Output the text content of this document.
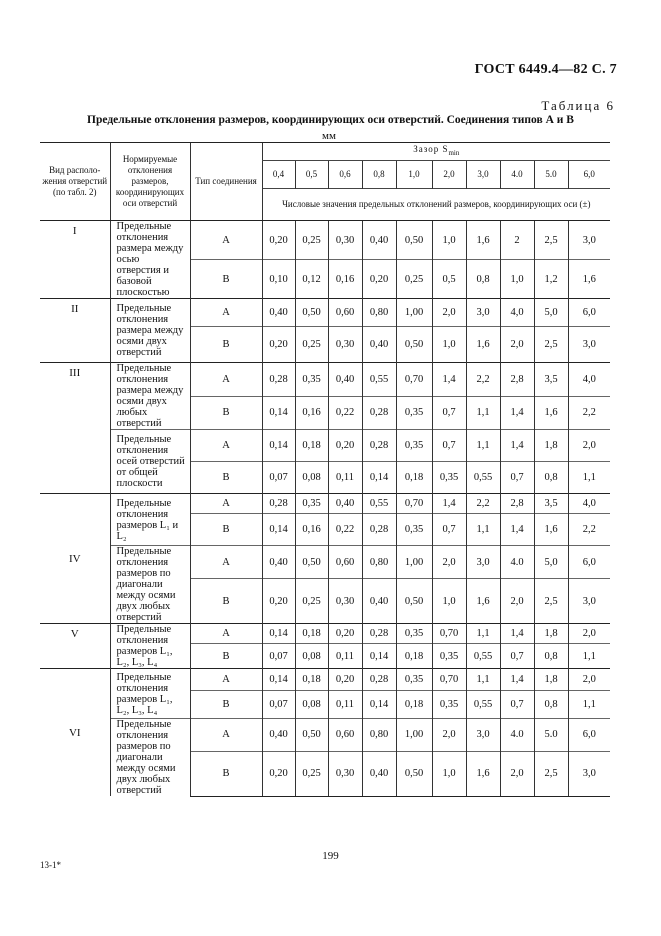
ГОСТ 6449.4—82 С. 7
Таблица 6
Предельные отклонения размеров, координирующих оси отверстий. Соединения типов А и В
мм
Вид располо-жения отверстий (по табл. 2)	Нормируемые отклонения размеров, координирующих оси отверстий	Тип соединения	Зазор $S_{min}$
			0,4	0,5	0,6	0,8	1,0	2,0	3,0	4.0	5.0	6,0
			Числовые значения предельных отклонений размеров, координирующих оси (±)									
I	Предельные отклонения размера между осью отверстия и базовой плоскостью	А	0,20	0,25	0,30	0,40	0,50	1,0	1,6	2	2,5	3,0
		В	0,10	0,12	0,16	0,20	0,25	0,5	0,8	1,0	1,2	1,6
II	Предельные отклонения размера между осями двух отверстий	А	0,40	0,50	0,60	0,80	1,00	2,0	3,0	4,0	5,0	6,0
		В	0,20	0,25	0,30	0,40	0,50	1,0	1,6	2,0	2,5	3,0
III	Предельные отклонения размера между осями двух любых отверстий	А	0,28	0,35	0,40	0,55	0,70	1,4	2,2	2,8	3,5	4,0
		В	0,14	0,16	0,22	0,28	0,35	0,7	1,1	1,4	1,6	2,2
	Предельные отклонения осей отверстий от общей плоскости	А	0,14	0,18	0,20	0,28	0,35	0,7	1,1	1,4	1,8	2,0
		В	0,07	0,08	0,11	0,14	0,18	0,35	0,55	0,7	0,8	1,1
IV	Предельные отклонения размеров L₁ и L₂	А	0,28	0,35	0,40	0,55	0,70	1,4	2,2	2,8	3,5	4,0
		В	0,14	0,16	0,22	0,28	0,35	0,7	1,1	1,4	1,6	2,2
	Предельные отклонения размеров по диагонали между осями двух любых отверстий	А	0,40	0,50	0,60	0,80	1,00	2,0	3,0	4.0	5,0	6,0
		В	0,20	0,25	0,30	0,40	0,50	1,0	1,6	2,0	2,5	3,0
V	Предельные отклонения размеров L₁, L₂, L₃, L₄	А	0,14	0,18	0,20	0,28	0,35	0,70	1,1	1,4	1,8	2,0
		В	0,07	0,08	0,11	0,14	0,18	0,35	0,55	0,7	0,8	1,1
VI	Предельные отклонения размеров L₁, L₂, L₃, L₄	А	0,14	0,18	0,20	0,28	0,35	0,70	1,1	1,4	1,8	2,0
		В	0,07	0,08	0,11	0,14	0,18	0,35	0,55	0,7	0,8	1,1
	Предельные отклонения размеров по диагонали между осями двух любых отверстий	А	0,40	0,50	0,60	0,80	1,00	2,0	3,0	4.0	5.0	6,0
		В	0,20	0,25	0,30	0,40	0,50	1,0	1,6	2,0	2,5	3,0
13-1*
199
